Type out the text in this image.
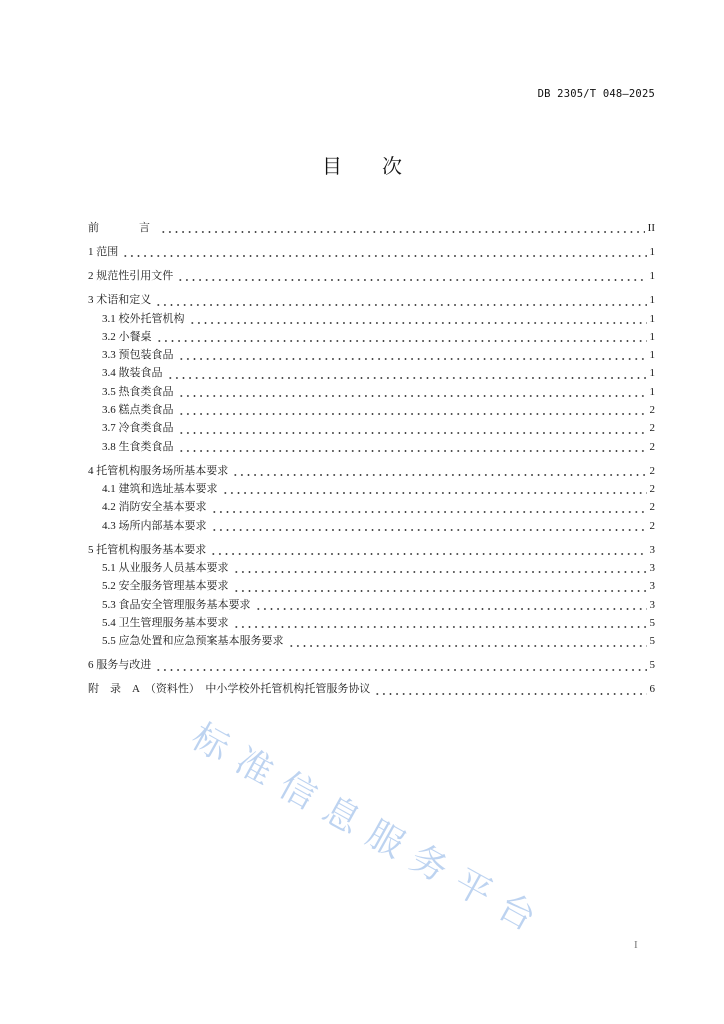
DB 2305/T 048—2025
目　　次
前　　言	II
1 范围	1
2 规范性引用文件	1
3 术语和定义	1
3.1 校外托管机构	1
3.2 小餐桌	1
3.3 预包装食品	1
3.4 散装食品	1
3.5 热食类食品	1
3.6 糕点类食品	2
3.7 冷食类食品	2
3.8 生食类食品	2
4 托管机构服务场所基本要求	2
4.1 建筑和选址基本要求	2
4.2 消防安全基本要求	2
4.3 场所内部基本要求	2
5 托管机构服务基本要求	3
5.1 从业服务人员基本要求	3
5.2 安全服务管理基本要求	3
5.3 食品安全管理服务基本要求	3
5.4 卫生管理服务基本要求	5
5.5 应急处置和应急预案基本服务要求	5
6 服务与改进	5
附　录　A　（资料性）　中小学校外托管机构托管服务协议	6
I
标准信息服务平台
